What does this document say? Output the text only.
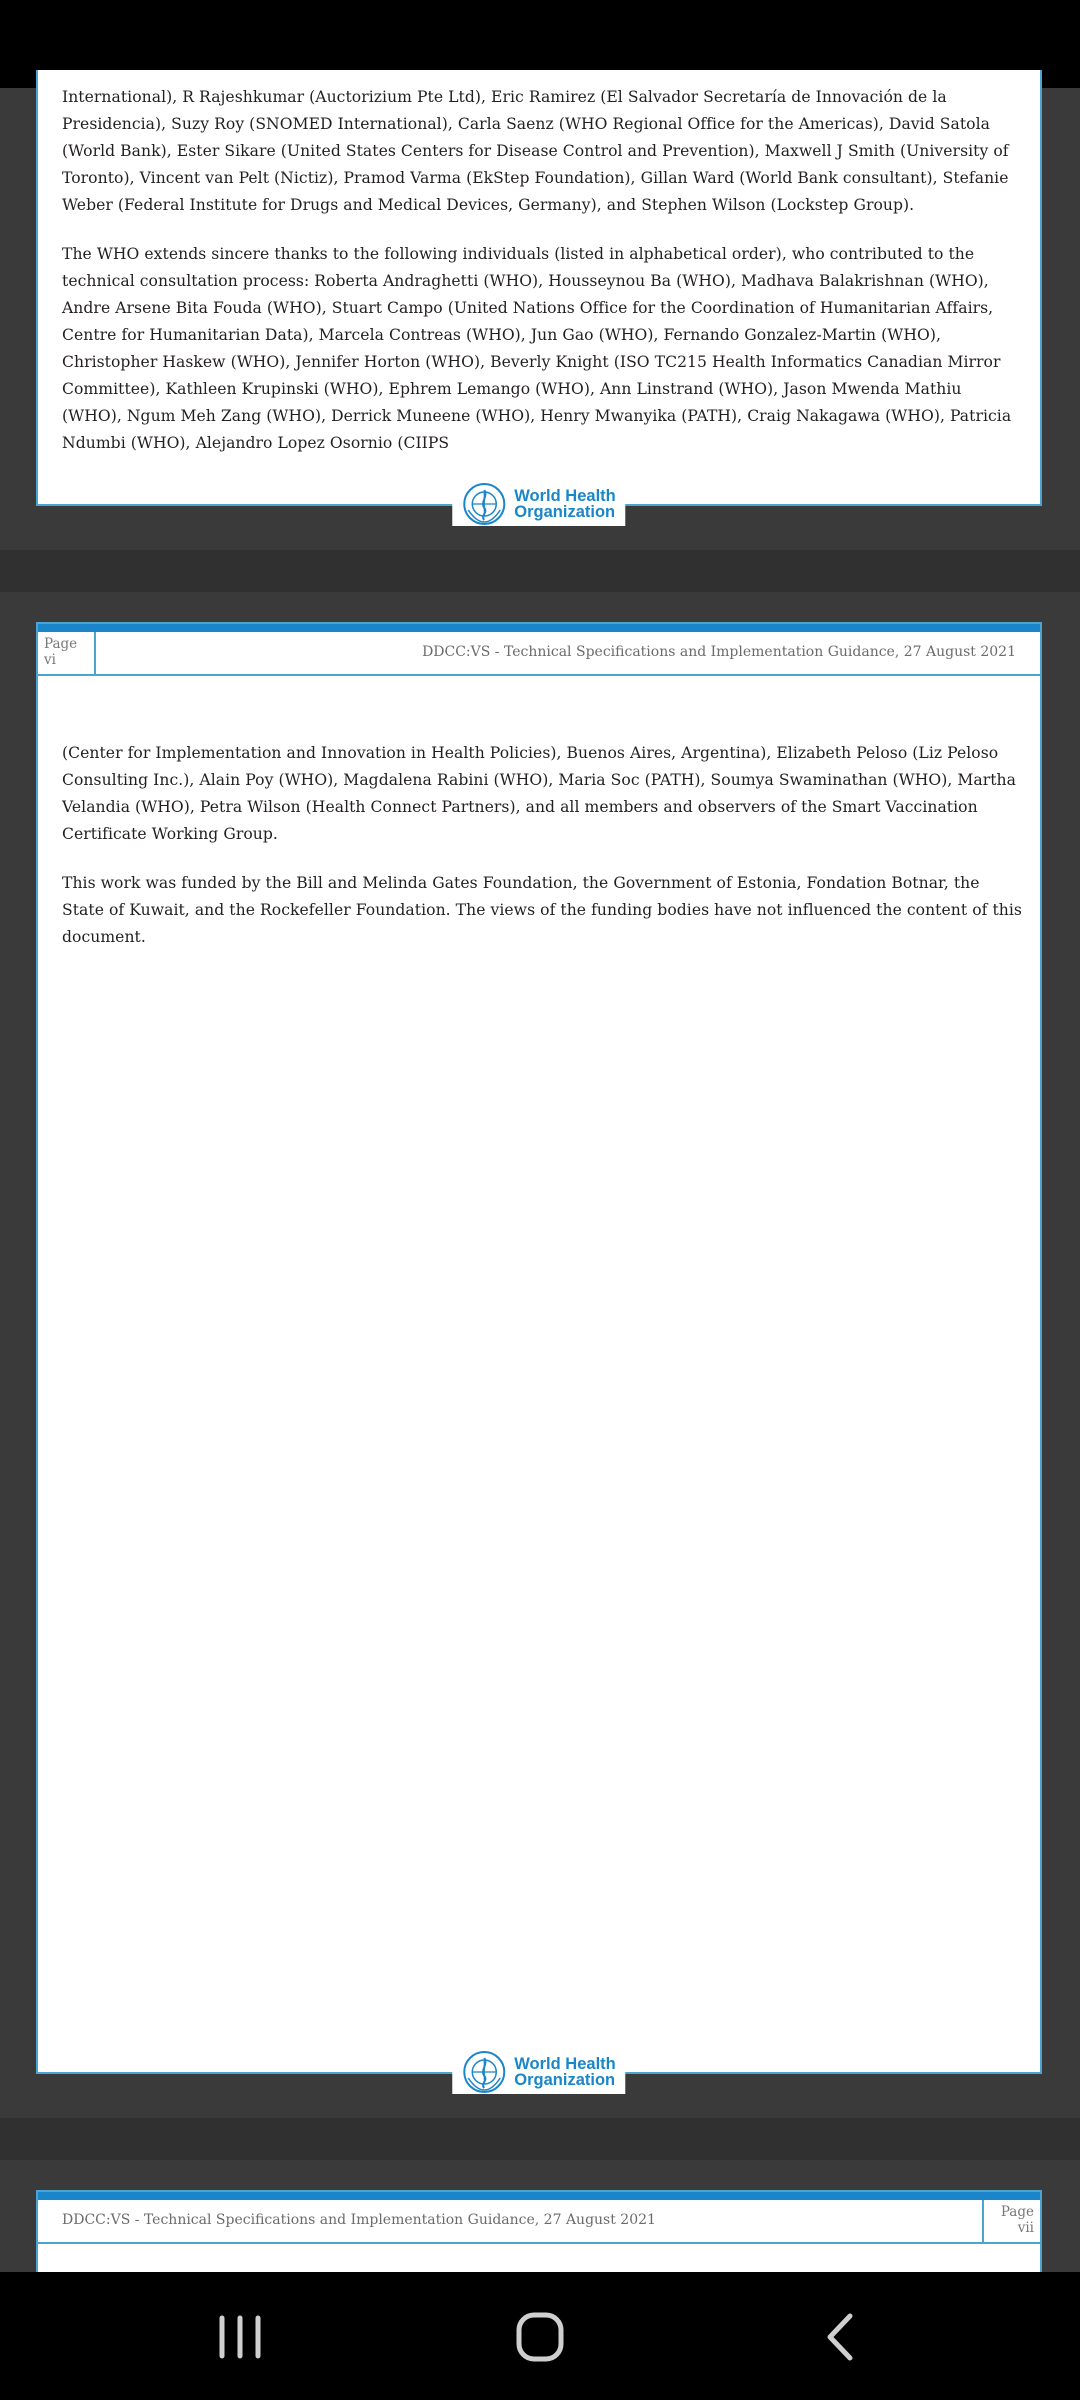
International), R Rajeshkumar (Auctorizium Pte Ltd), Eric Ramirez (El Salvador Secretaría de Innovación de la Presidencia), Suzy Roy (SNOMED International), Carla Saenz (WHO Regional Office for the Americas), David Satola (World Bank), Ester Sikare (United States Centers for Disease Control and Prevention), Maxwell J Smith (University of Toronto), Vincent van Pelt (Nictiz), Pramod Varma (EkStep Foundation), Gillan Ward (World Bank consultant), Stefanie Weber (Federal Institute for Drugs and Medical Devices, Germany), and Stephen Wilson (Lockstep Group).

The WHO extends sincere thanks to the following individuals (listed in alphabetical order), who contributed to the technical consultation process: Roberta Andraghetti (WHO), Housseynou Ba (WHO), Madhava Balakrishnan (WHO), Andre Arsene Bita Fouda (WHO), Stuart Campo (United Nations Office for the Coordination of Humanitarian Affairs, Centre for Humanitarian Data), Marcela Contreas (WHO), Jun Gao (WHO), Fernando Gonzalez-Martin (WHO), Christopher Haskew (WHO), Jennifer Horton (WHO), Beverly Knight (ISO TC215 Health Informatics Canadian Mirror Committee), Kathleen Krupinski (WHO), Ephrem Lemango (WHO), Ann Linstrand (WHO), Jason Mwenda Mathiu (WHO), Ngum Meh Zang (WHO), Derrick Muneene (WHO), Henry Mwanyika (PATH), Craig Nakagawa (WHO), Patricia Ndumbi (WHO), Alejandro Lopez Osornio (CIIPS

World Health
Organization
Page
vi	DDCC:VS - Technical Specifications and Implementation Guidance, 27 August 2021

(Center for Implementation and Innovation in Health Policies), Buenos Aires, Argentina), Elizabeth Peloso (Liz Peloso Consulting Inc.), Alain Poy (WHO), Magdalena Rabini (WHO), Maria Soc (PATH), Soumya Swaminathan (WHO), Martha Velandia (WHO), Petra Wilson (Health Connect Partners), and all members and observers of the Smart Vaccination Certificate Working Group.

This work was funded by the Bill and Melinda Gates Foundation, the Government of Estonia, Fondation Botnar, the State of Kuwait, and the Rockefeller Foundation. The views of the funding bodies have not influenced the content of this document.

World Health
Organization
DDCC:VS - Technical Specifications and Implementation Guidance, 27 August 2021	Page
vii
